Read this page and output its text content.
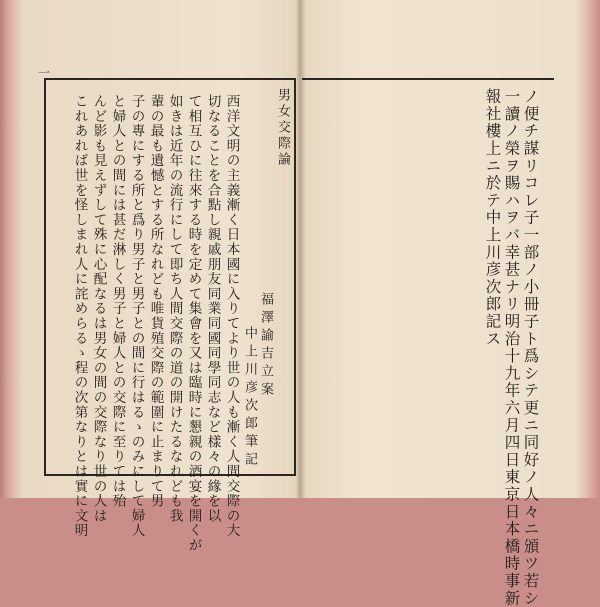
一
男女交際論
福澤諭吉立案
中上川彦次郎筆記
西洋文明の主義漸く日本國に入りてより世の人も漸く人間交際の大
切なることを合點し親戚朋友同業同國同學同志など樣々の緣を以
て相互ひに往來する時を定めて集會を又は臨時に懇親の酒宴を開くが
如きは近年の流行にして即ち人間交際の道の開けたるなれども我
輩の最も遺憾とする所なれども唯貨殖交際の範圍に止まりて男
子の專にする所と爲り男子と男子との間に行はるゝのみにして婦人
と婦人との間には甚だ淋しく男子と婦人との交際に至りては殆
んど影も見えずして殊に心配なるは男女の間の交際なり世の人は
これあれば世を怪しまれ人に詫めらるゝ程の次第なりとは實に文明	ノ便チ謀リコレ子一部ノ小冊子ト爲シテ更ニ同好ノ人々ニ頒ツ若シ
一讀ノ榮ヲ賜ハヲバ幸甚ナリ明治十九年六月四日東京日本橋時事新
報社樓上ニ於テ中上川彦次郎記ス
